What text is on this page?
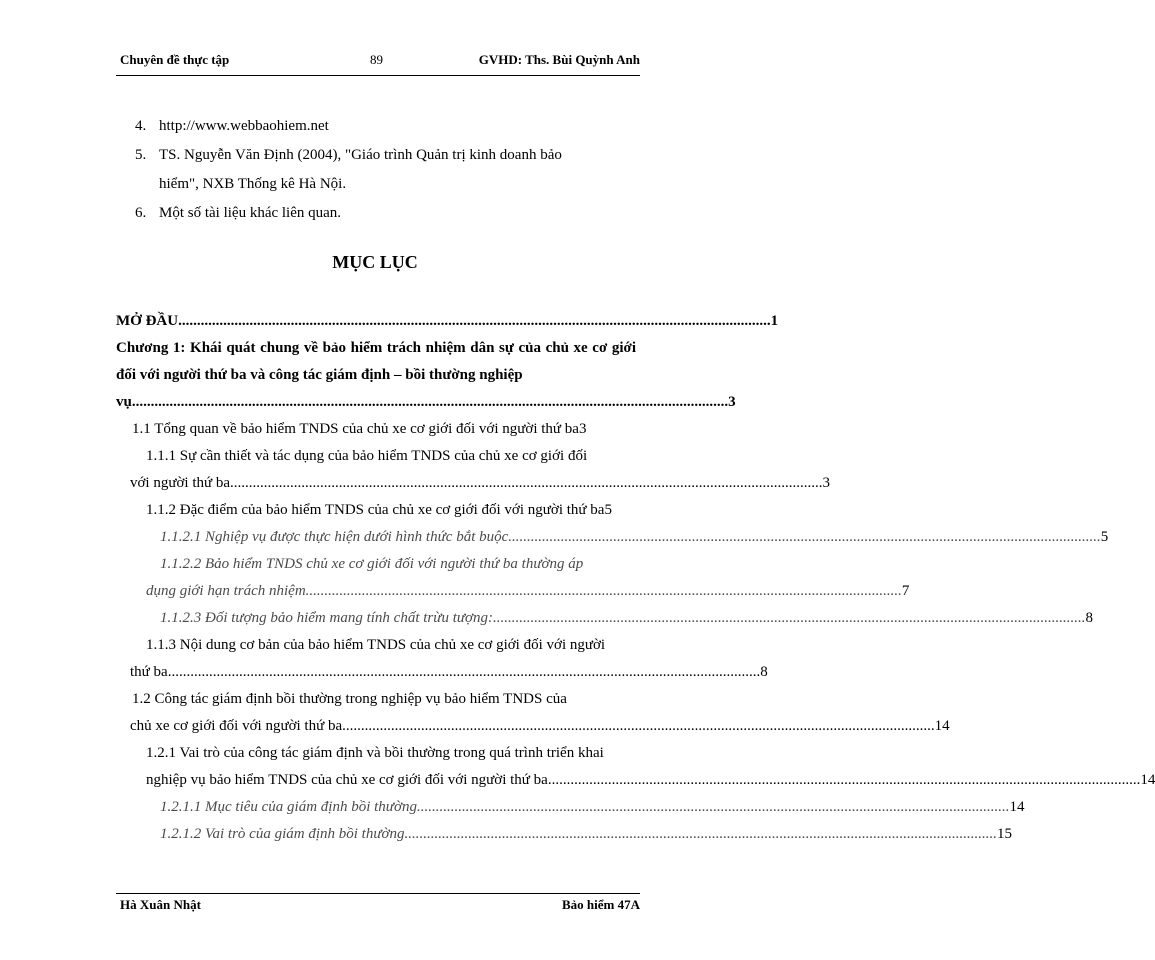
Chuyên đề thực tập	89	GVHD: Ths. Bùi Quỳnh Anh
4. http://www.webbaohiem.net
5. TS. Nguyễn Văn Định (2004), "Giáo trình Quản trị kinh doanh bảo
hiểm", NXB Thống kê Hà Nội.
6. Một số tài liệu khác liên quan.
MỤC LỤC
MỞ ĐẦU .............................................................................................................................................................. 1
Chương 1: Khái quát chung về bảo hiểm trách nhiệm dân sự của chủ xe cơ giới đối với người thứ ba và công tác giám định – bồi thường nghiệp
vụ. .............................................................................................................................................................. 3
1.1 Tổng quan về bảo hiểm TNDS của chủ xe cơ giới đối với người thứ ba 3
1.1.1 Sự cần thiết và tác dụng của bảo hiểm TNDS của chủ xe cơ giới đối
với người thứ ba .............................................................................................................................................................. 3
1.1.2 Đặc điểm của bảo hiểm TNDS của chủ xe cơ giới đối với người thứ ba 5
1.1.2.1 Nghiệp vụ được thực hiện dưới hình thức bắt buộc .............................................................................................................................................................. 5
1.1.2.2 Bảo hiểm TNDS chủ xe cơ giới đối với người thứ ba thường áp
dụng giới hạn trách nhiệm. .............................................................................................................................................................. 7
1.1.2.3 Đối tượng bảo hiểm mang tính chất trừu tượng: .............................................................................................................................................................. 8
1.1.3 Nội dung cơ bản của bảo hiểm TNDS của chủ xe cơ giới đối với người
thứ ba .............................................................................................................................................................. 8
1.2 Công tác giám định bồi thường trong nghiệp vụ bảo hiểm TNDS của
chủ xe cơ giới đối với người thứ ba .............................................................................................................................................................. 14
1.2.1 Vai trò của công tác giám định và bồi thường trong quá trình triển khai
nghiệp vụ bảo hiểm TNDS của chủ xe cơ giới đối với người thứ ba .............................................................................................................................................................. 14
1.2.1.1 Mục tiêu của giám định bồi thường .............................................................................................................................................................. 14
1.2.1.2 Vai trò của giám định bồi thường .............................................................................................................................................................. 15
Hà Xuân Nhật	Bảo hiểm 47A
